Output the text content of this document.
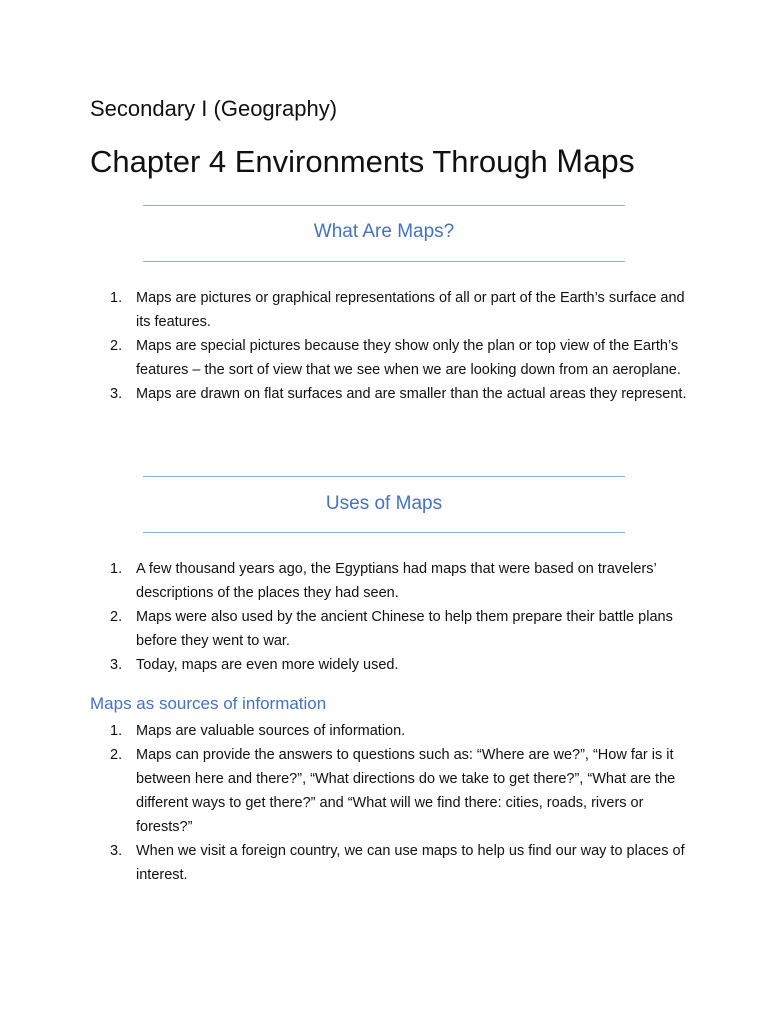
Secondary I (Geography)
Chapter 4 Environments Through Maps
What Are Maps?
1. Maps are pictures or graphical representations of all or part of the Earth’s surface and its features.
2. Maps are special pictures because they show only the plan or top view of the Earth’s features – the sort of view that we see when we are looking down from an aeroplane.
3. Maps are drawn on flat surfaces and are smaller than the actual areas they represent.
Uses of Maps
1. A few thousand years ago, the Egyptians had maps that were based on travelers’ descriptions of the places they had seen.
2. Maps were also used by the ancient Chinese to help them prepare their battle plans before they went to war.
3. Today, maps are even more widely used.
Maps as sources of information
1. Maps are valuable sources of information.
2. Maps can provide the answers to questions such as: “Where are we?”, “How far is it between here and there?”, “What directions do we take to get there?”, “What are the different ways to get there?” and “What will we find there: cities, roads, rivers or forests?”
3. When we visit a foreign country, we can use maps to help us find our way to places of interest.
